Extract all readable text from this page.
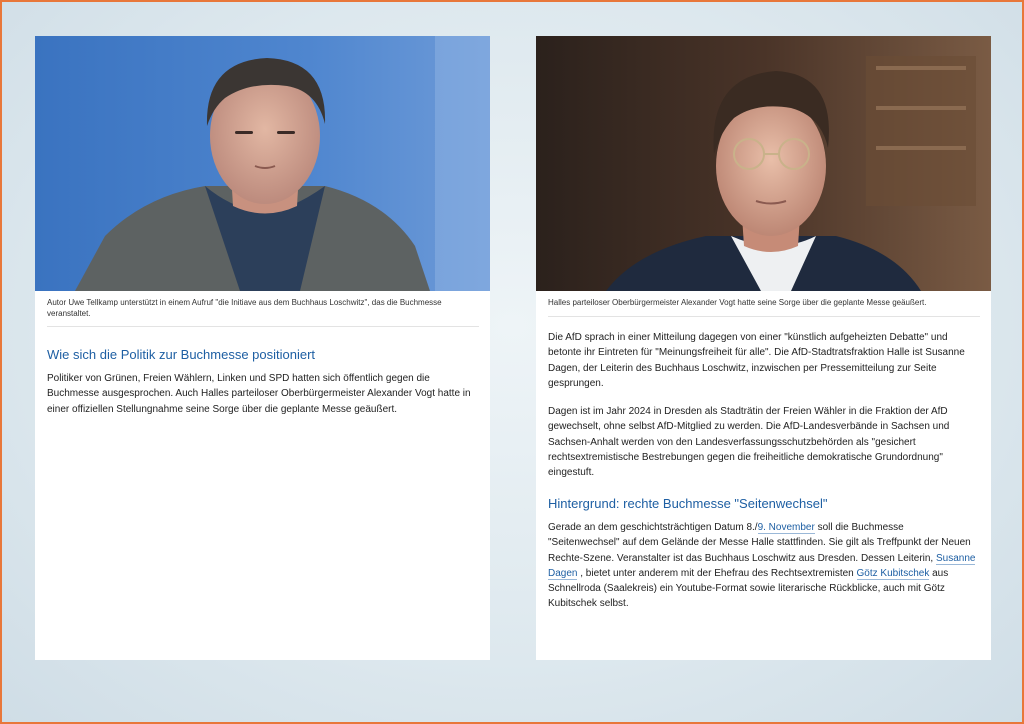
Autor Uwe Tellkamp unterstützt in einem Aufruf "die Initiave aus dem Buchhaus Loschwitz", das die Buchmesse veranstaltet.
Wie sich die Politik zur Buchmesse positioniert
Politiker von Grünen, Freien Wählern, Linken und SPD hatten sich öffentlich gegen die Buchmesse ausgesprochen. Auch Halles parteiloser Oberbürgermeister Alexander Vogt hatte in einer offiziellen Stellungnahme seine Sorge über die geplante Messe geäußert.
Halles parteiloser Oberbürgermeister Alexander Vogt hatte seine Sorge über die geplante Messe geäußert.
Die AfD sprach in einer Mitteilung dagegen von einer "künstlich aufgeheizten Debatte" und betonte ihr Eintreten für "Meinungsfreiheit für alle". Die AfD-Stadtratsfraktion Halle ist Susanne Dagen, der Leiterin des Buchhaus Loschwitz, inzwischen per Pressemitteilung zur Seite gesprungen.
Dagen ist im Jahr 2024 in Dresden als Stadträtin der Freien Wähler in die Fraktion der AfD gewechselt, ohne selbst AfD-Mitglied zu werden. Die AfD-Landesverbände in Sachsen und Sachsen-Anhalt werden von den Landesverfassungsschutzbehörden als "gesichert rechtsextremistische Bestrebungen gegen die freiheitliche demokratische Grundordnung" eingestuft.
Hintergrund: rechte Buchmesse "Seitenwechsel"
Gerade an dem geschichtsträchtigen Datum 8./9. November soll die Buchmesse "Seitenwechsel" auf dem Gelände der Messe Halle stattfinden. Sie gilt als Treffpunkt der Neuen Rechte-Szene. Veranstalter ist das Buchhaus Loschwitz aus Dresden. Dessen Leiterin, Susanne Dagen , bietet unter anderem mit der Ehefrau des Rechtsextremisten Götz Kubitschek aus Schnellroda (Saalekreis) ein Youtube-Format sowie literarische Rückblicke, auch mit Götz Kubitschek selbst.
